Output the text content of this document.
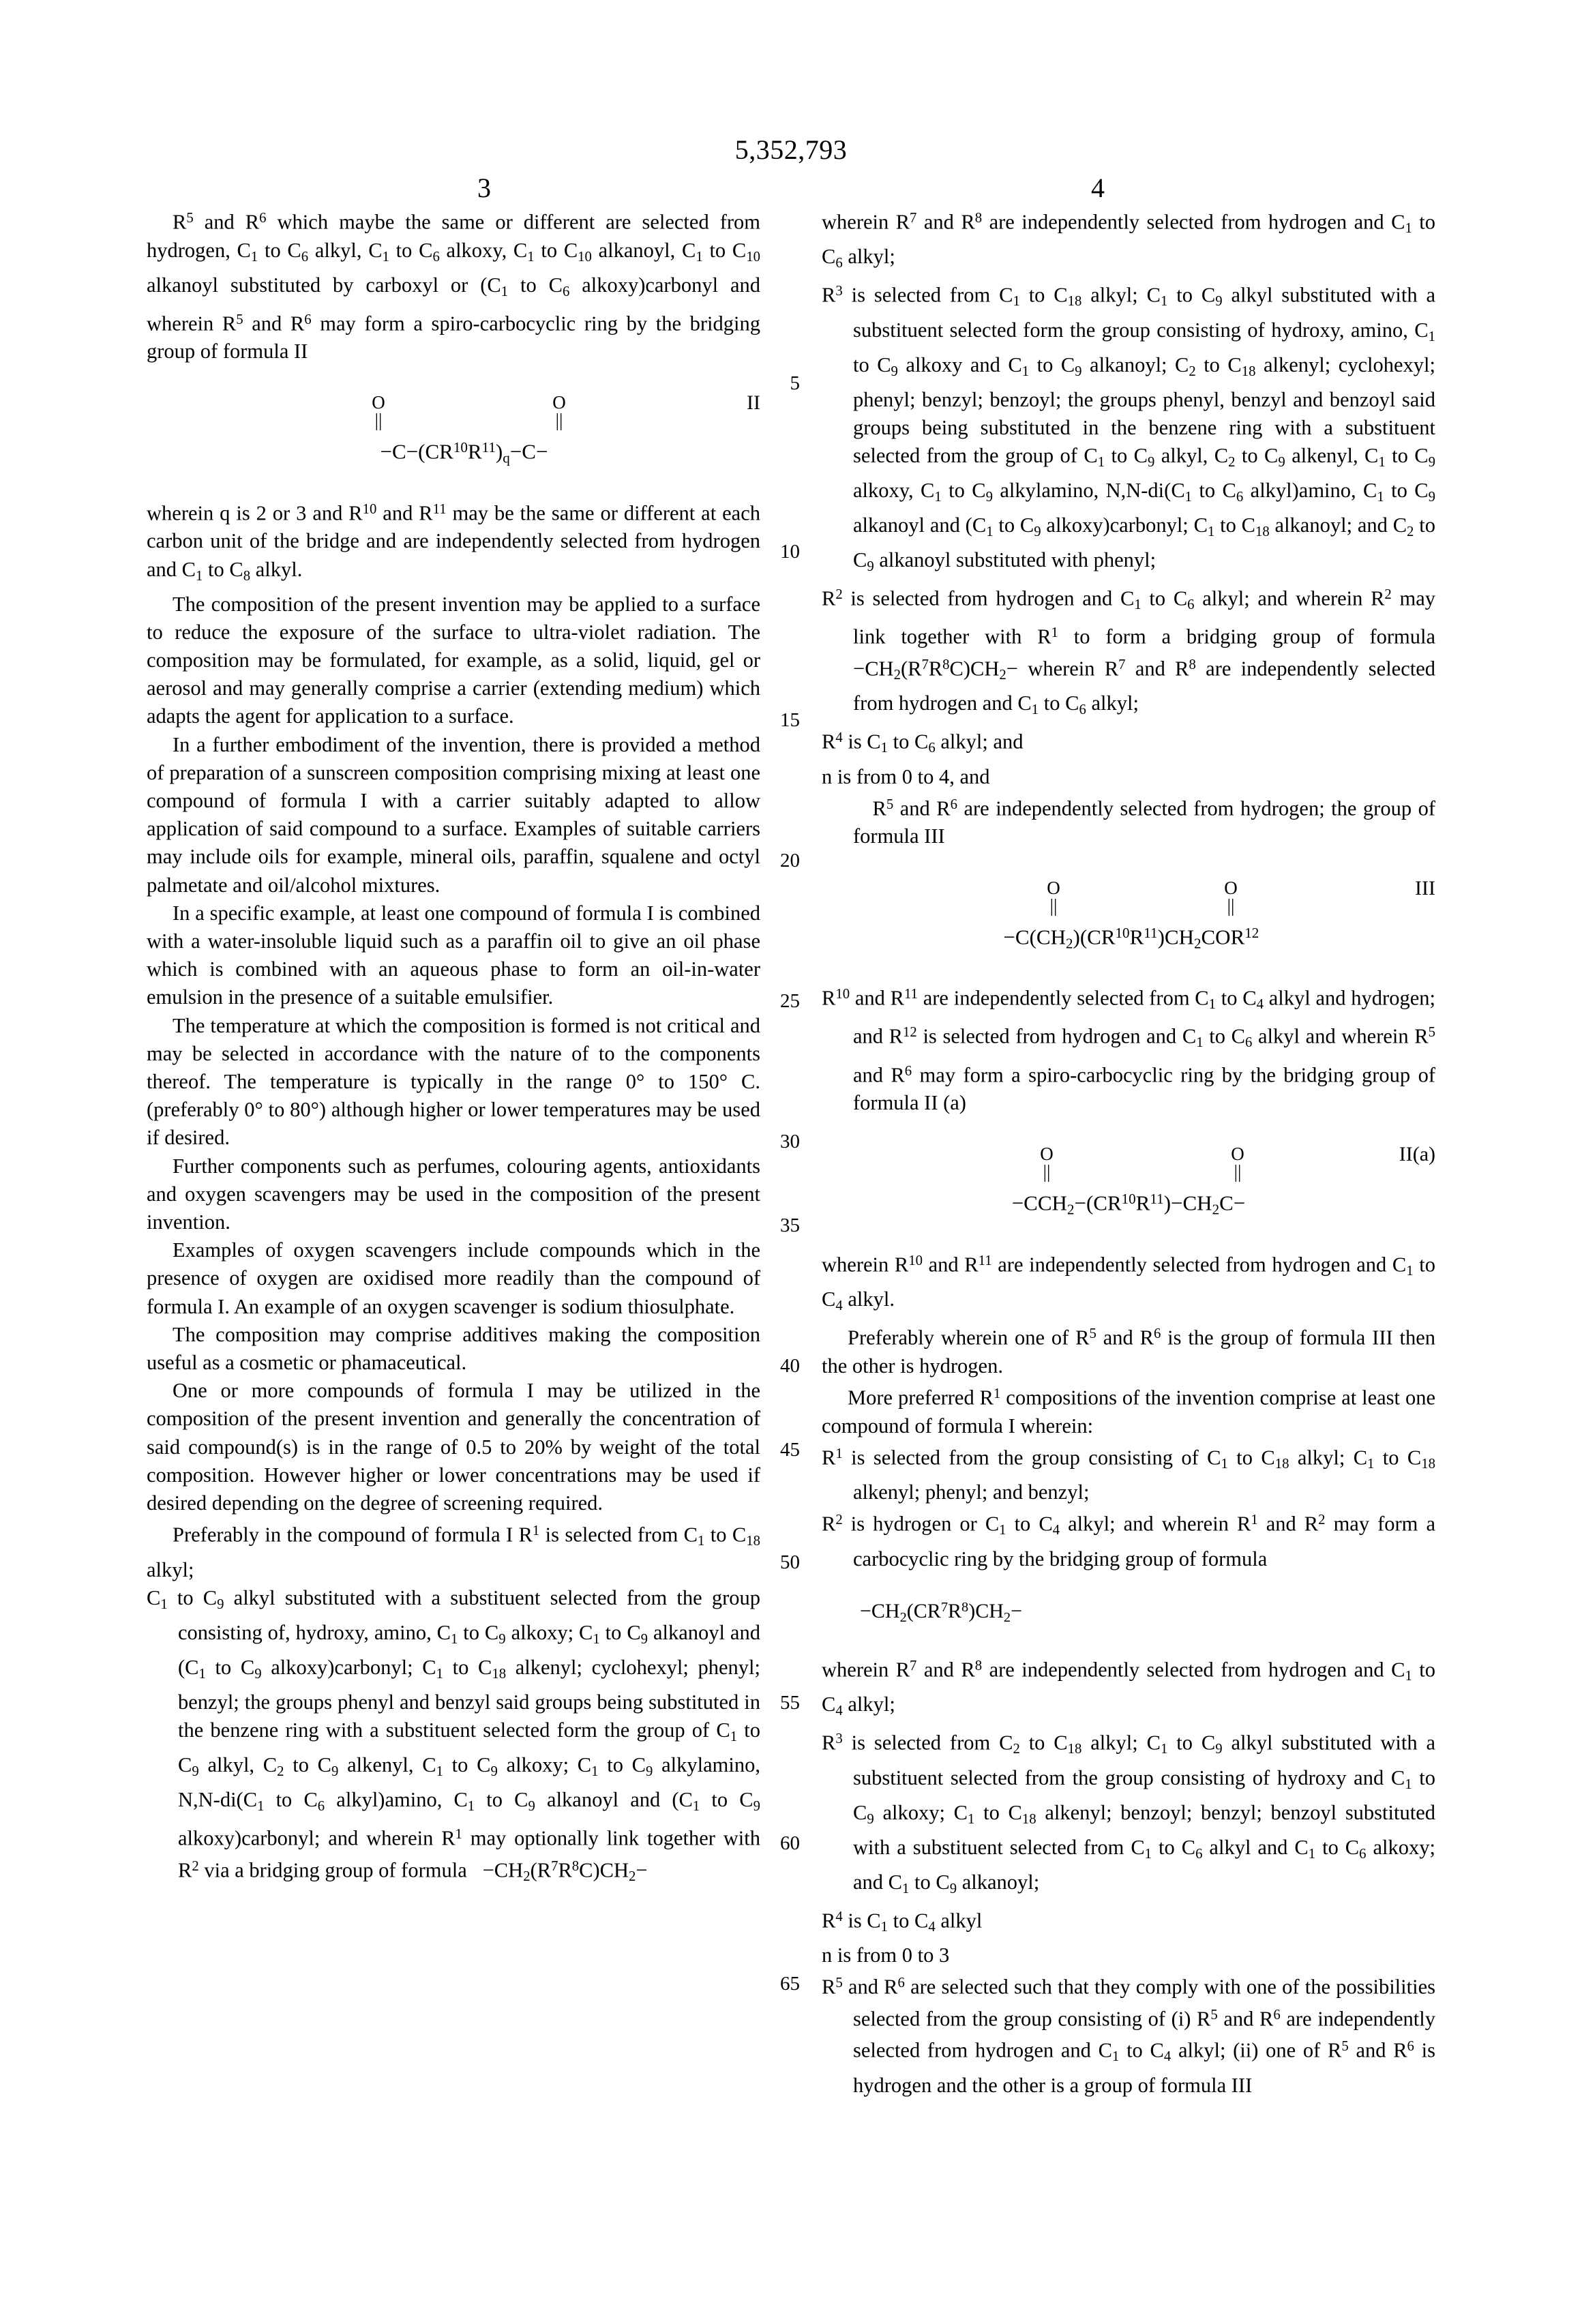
5,352,793
3	4
5
10
15
20
25
30
35
40
45
50
55
60
65

$R^5$ and $R^6$ which maybe the same or different are selected from hydrogen, $C_1$ to $C_6$ alkyl, $C_1$ to $C_6$ alkoxy, $C_1$ to $C_{10}$ alkanoyl, $C_1$ to $C_{10}$ alkanoyl substituted by carboxyl or ($C_1$ to $C_6$ alkoxy)carbonyl and wherein $R^5$ and $R^6$ may form a spiro-carbocyclic ring by the bridging group of formula II

II
O
||
O
||
$-C-(CR^{10}R^{11})_q-C-$

wherein q is 2 or 3 and $R^{10}$ and $R^{11}$ may be the same or different at each carbon unit of the bridge and are independently selected from hydrogen and $C_1$ to $C_8$ alkyl.

The composition of the present invention may be applied to a surface to reduce the exposure of the surface to ultra-violet radiation. The composition may be formulated, for example, as a solid, liquid, gel or aerosol and may generally comprise a carrier (extending medium) which adapts the agent for application to a surface.

In a further embodiment of the invention, there is provided a method of preparation of a sunscreen composition comprising mixing at least one compound of formula I with a carrier suitably adapted to allow application of said compound to a surface. Examples of suitable carriers may include oils for example, mineral oils, paraffin, squalene and octyl palmetate and oil/alcohol mixtures.

In a specific example, at least one compound of formula I is combined with a water-insoluble liquid such as a paraffin oil to give an oil phase which is combined with an aqueous phase to form an oil-in-water emulsion in the presence of a suitable emulsifier.

The temperature at which the composition is formed is not critical and may be selected in accordance with the nature of to the components thereof. The temperature is typically in the range 0° to 150° C. (preferably 0° to 80°) although higher or lower temperatures may be used if desired.

Further components such as perfumes, colouring agents, antioxidants and oxygen scavengers may be used in the composition of the present invention.

Examples of oxygen scavengers include compounds which in the presence of oxygen are oxidised more readily than the compound of formula I. An example of an oxygen scavenger is sodium thiosulphate.

The composition may comprise additives making the composition useful as a cosmetic or phamaceutical.

One or more compounds of formula I may be utilized in the composition of the present invention and generally the concentration of said compound(s) is in the range of 0.5 to 20% by weight of the total composition. However higher or lower concentrations may be used if desired depending on the degree of screening required.

Preferably in the compound of formula I $R^1$ is selected from $C_1$ to $C_{18}$ alkyl;

$C_1$ to $C_9$ alkyl substituted with a substituent selected from the group consisting of, hydroxy, amino, $C_1$ to $C_9$ alkoxy; $C_1$ to $C_9$ alkanoyl and ($C_1$ to $C_9$ alkoxy)carbonyl; $C_1$ to $C_{18}$ alkenyl; cyclohexyl; phenyl; benzyl; the groups phenyl and benzyl said groups being substituted in the benzene ring with a substituent selected form the group of $C_1$ to $C_9$ alkyl, $C_2$ to $C_9$ alkenyl, $C_1$ to $C_9$ alkoxy; $C_1$ to $C_9$ alkylamino, $N,N-di(C_1$ to $C_6$ alkyl)amino, $C_1$ to $C_9$ alkanoyl and ($C_1$ to $C_9$ alkoxy)carbonyl; and wherein $R^1$ may optionally link together with $R^2$ via a bridging group of formula   $-CH_2(R^7R^8C)CH_2-$

wherein $R^7$ and $R^8$ are independently selected from hydrogen and $C_1$ to $C_6$ alkyl;

$R^3$ is selected from $C_1$ to $C_{18}$ alkyl; $C_1$ to $C_9$ alkyl substituted with a substituent selected form the group consisting of hydroxy, amino, $C_1$ to $C_9$ alkoxy and $C_1$ to $C_9$ alkanoyl; $C_2$ to $C_{18}$ alkenyl; cyclohexyl; phenyl; benzyl; benzoyl; the groups phenyl, benzyl and benzoyl said groups being substituted in the benzene ring with a substituent selected from the group of $C_1$ to $C_9$ alkyl, $C_2$ to $C_9$ alkenyl, $C_1$ to $C_9$ alkoxy, $C_1$ to $C_9$ alkylamino, $N,N-di(C_1$ to $C_6$ alkyl)amino, $C_1$ to $C_9$ alkanoyl and ($C_1$ to $C_9$ alkoxy)carbonyl; $C_1$ to $C_{18}$ alkanoyl; and $C_2$ to $C_9$ alkanoyl substituted with phenyl;

$R^2$ is selected from hydrogen and $C_1$ to $C_6$ alkyl; and wherein $R^2$ may link together with $R^1$ to form a bridging group of formula $-CH_2(R^7R^8C)CH_2-$ wherein $R^7$ and $R^8$ are independently selected from hydrogen and $C_1$ to $C_6$ alkyl;

$R^4$ is $C_1$ to $C_6$ alkyl; and

n is from 0 to 4, and

$R^5$ and $R^6$ are independently selected from hydrogen; the group of formula III

III
O
||
O
||
$-C(CH_2)(CR^{10}R^{11})CH_2COR^{12}$

$R^{10}$ and $R^{11}$ are independently selected from $C_1$ to $C_4$ alkyl and hydrogen; and $R^{12}$ is selected from hydrogen and $C_1$ to $C_6$ alkyl and wherein $R^5$ and $R^6$ may form a spiro-carbocyclic ring by the bridging group of formula II (a)

II(a)
O
||
O
||
$-CCH_2-(CR^{10}R^{11})-CH_2C-$

wherein $R^{10}$ and $R^{11}$ are independently selected from hydrogen and $C_1$ to $C_4$ alkyl.

Preferably wherein one of $R^5$ and $R^6$ is the group of formula III then the other is hydrogen.

More preferred $R^1$ compositions of the invention comprise at least one compound of formula I wherein:

$R^1$ is selected from the group consisting of $C_1$ to $C_{18}$ alkyl; $C_1$ to $C_{18}$ alkenyl; phenyl; and benzyl;

$R^2$ is hydrogen or $C_1$ to $C_4$ alkyl; and wherein $R^1$ and $R^2$ may form a carbocyclic ring by the bridging group of formula

$-CH_2(CR^7R^8)CH_2-$

wherein $R^7$ and $R^8$ are independently selected from hydrogen and $C_1$ to $C_4$ alkyl;

$R^3$ is selected from $C_2$ to $C_{18}$ alkyl; $C_1$ to $C_9$ alkyl substituted with a substituent selected from the group consisting of hydroxy and $C_1$ to $C_9$ alkoxy; $C_1$ to $C_{18}$ alkenyl; benzoyl; benzyl; benzoyl substituted with a substituent selected from $C_1$ to $C_6$ alkyl and $C_1$ to $C_6$ alkoxy; and $C_1$ to $C_9$ alkanoyl;

$R^4$ is $C_1$ to $C_4$ alkyl

n is from 0 to 3

$R^5$ and $R^6$ are selected such that they comply with one of the possibilities selected from the group consisting of (i) $R^5$ and $R^6$ are independently selected from hydrogen and $C_1$ to $C_4$ alkyl; (ii) one of $R^5$ and $R^6$ is hydrogen and the other is a group of formula III
